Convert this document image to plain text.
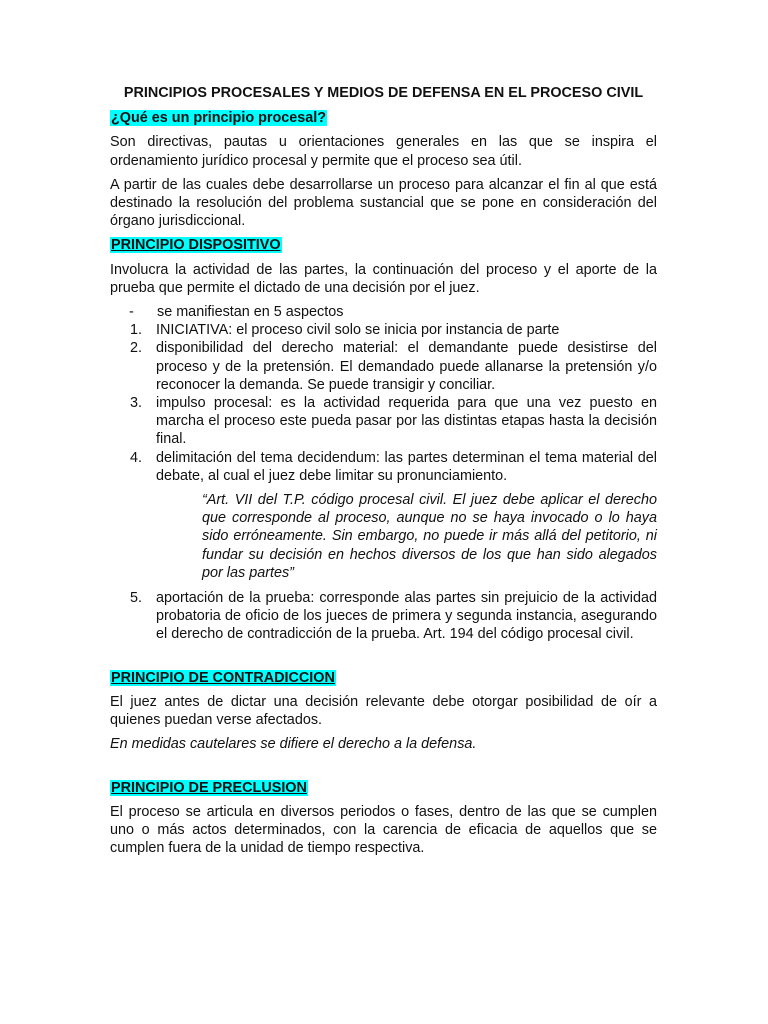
PRINCIPIOS PROCESALES Y MEDIOS DE DEFENSA EN EL PROCESO CIVIL
¿Qué es un principio procesal?

Son directivas, pautas u orientaciones generales en las que se inspira el ordenamiento jurídico procesal y permite que el proceso sea útil.

A partir de las cuales debe desarrollarse un proceso para alcanzar el fin al que está destinado la resolución del problema sustancial que se pone en consideración del órgano jurisdiccional.

PRINCIPIO DISPOSITIVO

Involucra la actividad de las partes, la continuación del proceso y el aporte de la prueba que permite el dictado de una decisión por el juez.

-	se manifiestan en 5 aspectos
1. INICIATIVA: el proceso civil solo se inicia por instancia de parte
2. disponibilidad del derecho material: el demandante puede desistirse del proceso y de la pretensión. El demandado puede allanarse la pretensión y/o reconocer la demanda. Se puede transigir y conciliar.
3. impulso procesal: es la actividad requerida para que una vez puesto en marcha el proceso este pueda pasar por las distintas etapas hasta la decisión final.
4. delimitación del tema decidendum: las partes determinan el tema material del debate, al cual el juez debe limitar su pronunciamiento.
“Art. VII del T.P. código procesal civil. El juez debe aplicar el derecho que corresponde al proceso, aunque no se haya invocado o lo haya sido erróneamente. Sin embargo, no puede ir más allá del petitorio, ni fundar su decisión en hechos diversos de los que han sido alegados por las partes”
5. aportación de la prueba: corresponde alas partes sin prejuicio de la actividad probatoria de oficio de los jueces de primera y segunda instancia, asegurando el derecho de contradicción de la prueba. Art. 194 del código procesal civil.
PRINCIPIO DE CONTRADICCION

El juez antes de dictar una decisión relevante debe otorgar posibilidad de oír a quienes puedan verse afectados.

En medidas cautelares se difiere el derecho a la defensa.

PRINCIPIO DE PRECLUSION

El proceso se articula en diversos periodos o fases, dentro de las que se cumplen uno o más actos determinados, con la carencia de eficacia de aquellos que se cumplen fuera de la unidad de tiempo respectiva.
